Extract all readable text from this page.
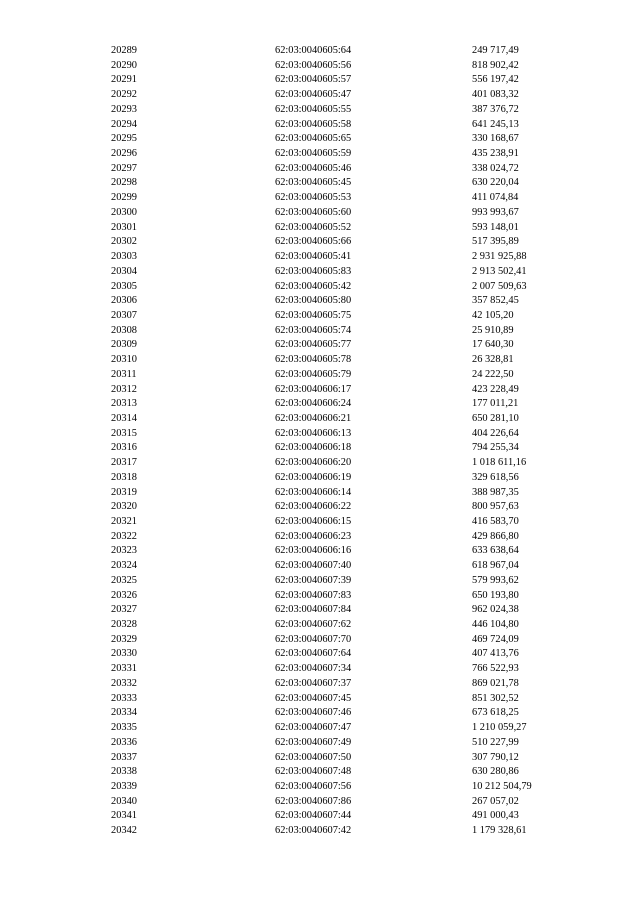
20289	62:03:0040605:64	249 717,49
20290	62:03:0040605:56	818 902,42
20291	62:03:0040605:57	556 197,42
20292	62:03:0040605:47	401 083,32
20293	62:03:0040605:55	387 376,72
20294	62:03:0040605:58	641 245,13
20295	62:03:0040605:65	330 168,67
20296	62:03:0040605:59	435 238,91
20297	62:03:0040605:46	338 024,72
20298	62:03:0040605:45	630 220,04
20299	62:03:0040605:53	411 074,84
20300	62:03:0040605:60	993 993,67
20301	62:03:0040605:52	593 148,01
20302	62:03:0040605:66	517 395,89
20303	62:03:0040605:41	2 931 925,88
20304	62:03:0040605:83	2 913 502,41
20305	62:03:0040605:42	2 007 509,63
20306	62:03:0040605:80	357 852,45
20307	62:03:0040605:75	42 105,20
20308	62:03:0040605:74	25 910,89
20309	62:03:0040605:77	17 640,30
20310	62:03:0040605:78	26 328,81
20311	62:03:0040605:79	24 222,50
20312	62:03:0040606:17	423 228,49
20313	62:03:0040606:24	177 011,21
20314	62:03:0040606:21	650 281,10
20315	62:03:0040606:13	404 226,64
20316	62:03:0040606:18	794 255,34
20317	62:03:0040606:20	1 018 611,16
20318	62:03:0040606:19	329 618,56
20319	62:03:0040606:14	388 987,35
20320	62:03:0040606:22	800 957,63
20321	62:03:0040606:15	416 583,70
20322	62:03:0040606:23	429 866,80
20323	62:03:0040606:16	633 638,64
20324	62:03:0040607:40	618 967,04
20325	62:03:0040607:39	579 993,62
20326	62:03:0040607:83	650 193,80
20327	62:03:0040607:84	962 024,38
20328	62:03:0040607:62	446 104,80
20329	62:03:0040607:70	469 724,09
20330	62:03:0040607:64	407 413,76
20331	62:03:0040607:34	766 522,93
20332	62:03:0040607:37	869 021,78
20333	62:03:0040607:45	851 302,52
20334	62:03:0040607:46	673 618,25
20335	62:03:0040607:47	1 210 059,27
20336	62:03:0040607:49	510 227,99
20337	62:03:0040607:50	307 790,12
20338	62:03:0040607:48	630 280,86
20339	62:03:0040607:56	10 212 504,79
20340	62:03:0040607:86	267 057,02
20341	62:03:0040607:44	491 000,43
20342	62:03:0040607:42	1 179 328,61
